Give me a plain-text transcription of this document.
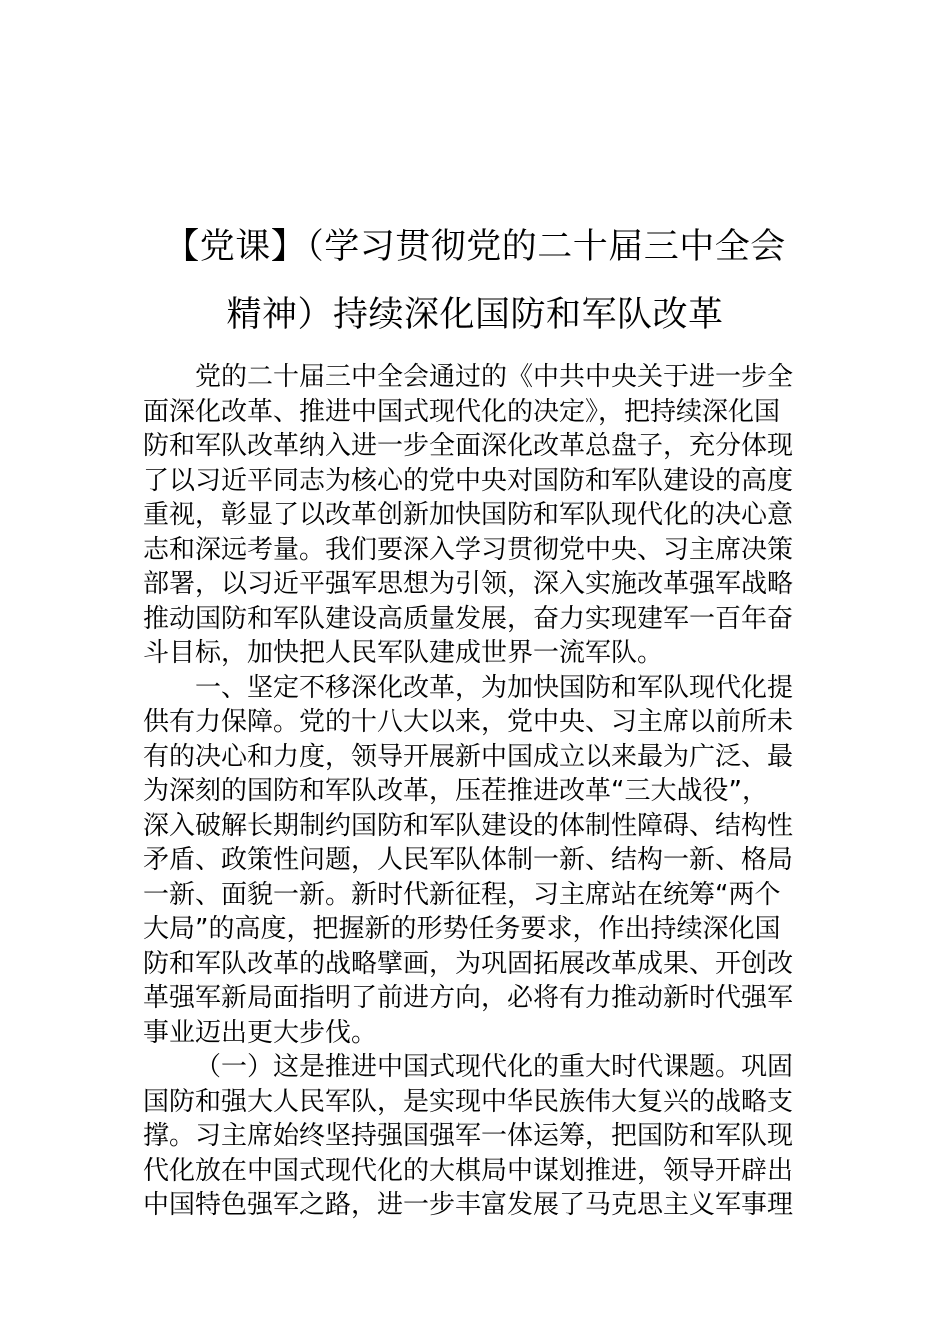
【党课】（学习贯彻党的二十届三中全会
精神）持续深化国防和军队改革
党的二十届三中全会通过的《中共中央关于进一步全
面深化改革、推进中国式现代化的决定》，把持续深化国
防和军队改革纳入进一步全面深化改革总盘子，充分体现
了以习近平同志为核心的党中央对国防和军队建设的高度
重视，彰显了以改革创新加快国防和军队现代化的决心意
志和深远考量。我们要深入学习贯彻党中央、习主席决策
部署，以习近平强军思想为引领，深入实施改革强军战略
推动国防和军队建设高质量发展，奋力实现建军一百年奋
斗目标，加快把人民军队建成世界一流军队。
一、坚定不移深化改革，为加快国防和军队现代化提
供有力保障。党的十八大以来，党中央、习主席以前所未
有的决心和力度，领导开展新中国成立以来最为广泛、最
为深刻的国防和军队改革，压茬推进改革“三大战役”，
深入破解长期制约国防和军队建设的体制性障碍、结构性
矛盾、政策性问题，人民军队体制一新、结构一新、格局
一新、面貌一新。新时代新征程，习主席站在统筹“两个
大局”的高度，把握新的形势任务要求，作出持续深化国
防和军队改革的战略擘画，为巩固拓展改革成果、开创改
革强军新局面指明了前进方向，必将有力推动新时代强军
事业迈出更大步伐。
（一）这是推进中国式现代化的重大时代课题。巩固
国防和强大人民军队，是实现中华民族伟大复兴的战略支
撑。习主席始终坚持强国强军一体运筹，把国防和军队现
代化放在中国式现代化的大棋局中谋划推进，领导开辟出
中国特色强军之路，进一步丰富发展了马克思主义军事理
